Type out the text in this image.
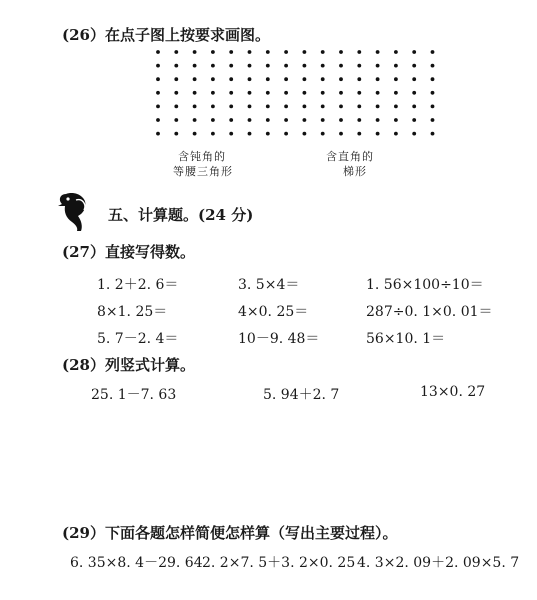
(26）在点子图上按要求画图。
含钝角的
等腰三角形
含直角的
梯形
五、计算题。(24 分)
(27）直接写得数。
1. 2＋2. 6＝	3. 5×4＝	1. 56×100÷10＝
8×1. 25＝	4×0. 25＝	287÷0. 1×0. 01＝
5. 7－2. 4＝	10－9. 48＝	56×10. 1＝
(28）列竖式计算。
25. 1－7. 63	5. 94＋2. 7	13×0. 27
(29）下面各题怎样简便怎样算（写出主要过程）。
6. 35×8. 4－29. 64 2. 2×7. 5＋3. 2×0. 25 4. 3×2. 09＋2. 09×5. 7
